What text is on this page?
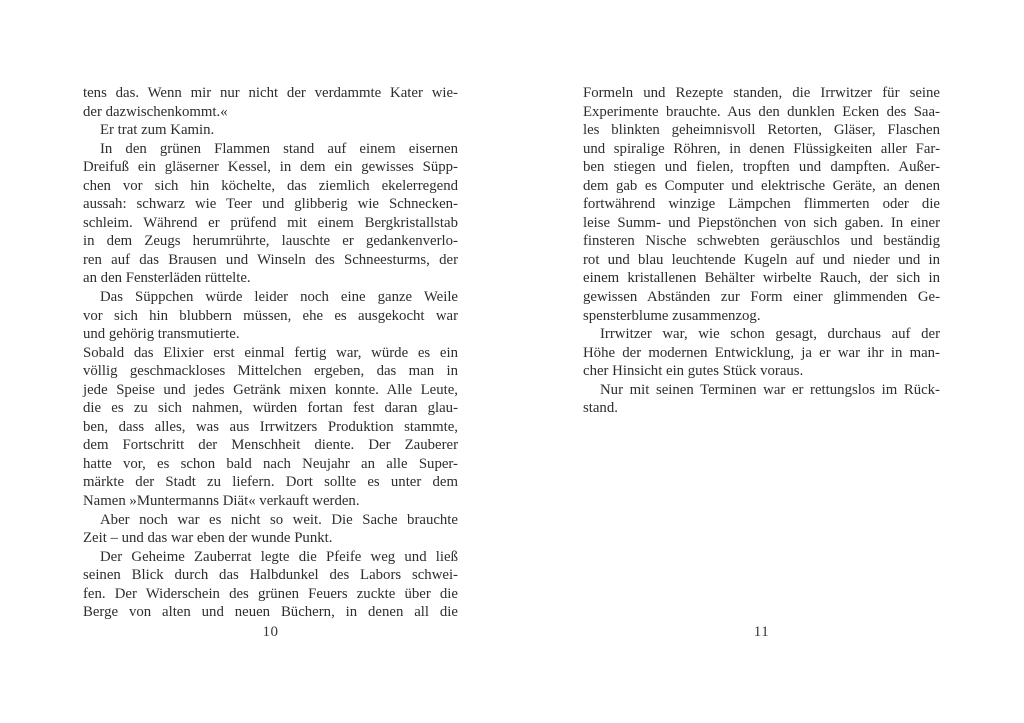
tens das. Wenn mir nur nicht der verdammte Kater wie-
der dazwischenkommt.«
Er trat zum Kamin.
In den grünen Flammen stand auf einem eisernen
Dreifuß ein gläserner Kessel, in dem ein gewisses Süpp-
chen vor sich hin köchelte, das ziemlich ekelerregend
aussah: schwarz wie Teer und glibberig wie Schnecken-
schleim. Während er prüfend mit einem Bergkristallstab
in dem Zeugs herumrührte, lauschte er gedankenverlo-
ren auf das Brausen und Winseln des Schneesturms, der
an den Fensterläden rüttelte.
Das Süppchen würde leider noch eine ganze Weile
vor sich hin blubbern müssen, ehe es ausgekocht war
und gehörig transmutierte.
Sobald das Elixier erst einmal fertig war, würde es ein
völlig geschmackloses Mittelchen ergeben, das man in
jede Speise und jedes Getränk mixen konnte. Alle Leute,
die es zu sich nahmen, würden fortan fest daran glau-
ben, dass alles, was aus Irrwitzers Produktion stammte,
dem Fortschritt der Menschheit diente. Der Zauberer
hatte vor, es schon bald nach Neujahr an alle Super-
märkte der Stadt zu liefern. Dort sollte es unter dem
Namen »Muntermanns Diät« verkauft werden.
Aber noch war es nicht so weit. Die Sache brauchte
Zeit – und das war eben der wunde Punkt.
Der Geheime Zauberrat legte die Pfeife weg und ließ
seinen Blick durch das Halbdunkel des Labors schwei-
fen. Der Widerschein des grünen Feuers zuckte über die
Berge von alten und neuen Büchern, in denen all die
10
Formeln und Rezepte standen, die Irrwitzer für seine
Experimente brauchte. Aus den dunklen Ecken des Saa-
les blinkten geheimnisvoll Retorten, Gläser, Flaschen
und spiralige Röhren, in denen Flüssigkeiten aller Far-
ben stiegen und fielen, tropften und dampften. Außer-
dem gab es Computer und elektrische Geräte, an denen
fortwährend winzige Lämpchen flimmerten oder die
leise Summ- und Piepstönchen von sich gaben. In einer
finsteren Nische schwebten geräuschlos und beständig
rot und blau leuchtende Kugeln auf und nieder und in
einem kristallenen Behälter wirbelte Rauch, der sich in
gewissen Abständen zur Form einer glimmenden Ge-
spensterblume zusammenzog.
Irrwitzer war, wie schon gesagt, durchaus auf der
Höhe der modernen Entwicklung, ja er war ihr in man-
cher Hinsicht ein gutes Stück voraus.
Nur mit seinen Terminen war er rettungslos im Rück-
stand.
11
